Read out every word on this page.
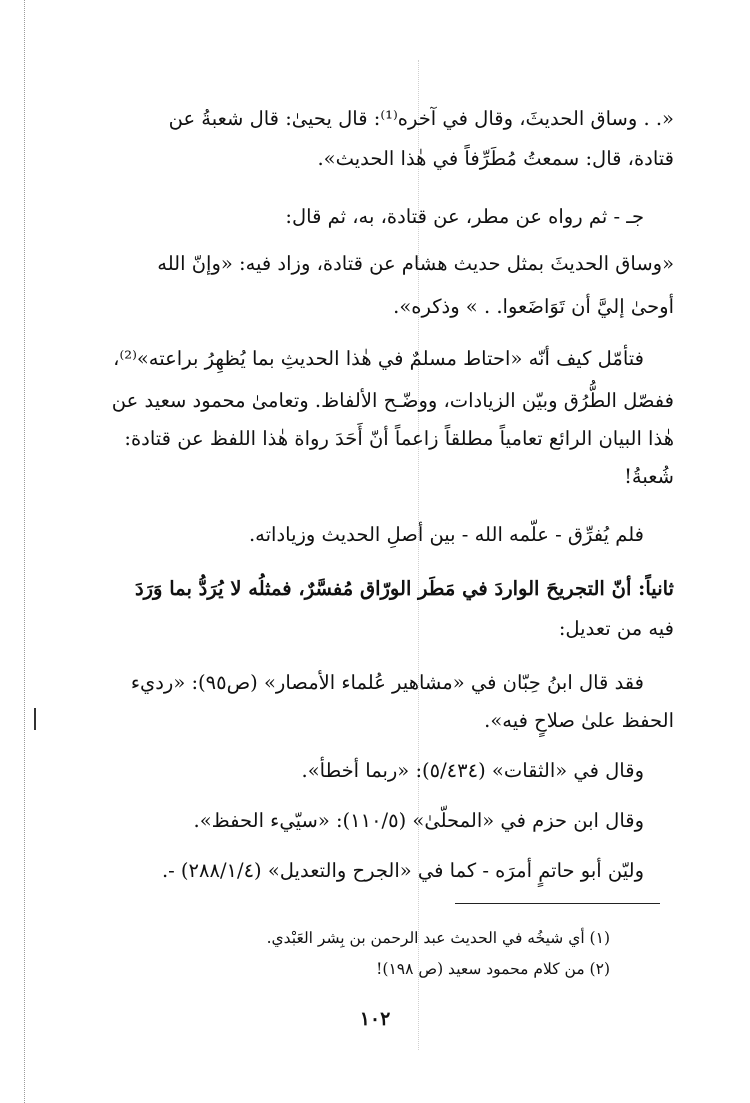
«. . وساق الحديثَ، وقال في آخره⁽¹⁾: قال يحيىٰ: قال شعبةُ عن

قتادة، قال: سمعتُ مُطَرِّفاً في هٰذا الحديث».

جـ - ثم رواه عن مطر، عن قتادة، به، ثم قال:

«وساق الحديثَ بمثل حديث هشام عن قتادة، وزاد فيه: «وإنّ الله

أوحىٰ إليَّ أن تَوَاضَعوا. . » وذكره».

فتأمّل كيف أنّه «احتاط مسلمٌ في هٰذا الحديثِ بما يُظهِرُ براعته»⁽²⁾،

ففصّل الطُّرُق وبيّن الزيادات، ووضّـح الألفاظ. وتعامىٰ محمود سعيد عن

هٰذا البيان الرائع تعامياً مطلقاً زاعماً أنّ أَحَدَ رواة هٰذا اللفظ عن قتادة:

شُعبةُ!

فلم يُفرِّق - علّمه الله - بين أصلِ الحديث وزياداته.

ثانياً: أنّ التجريحَ الواردَ في مَطَر الورّاق مُفسَّرٌ، فمثلُه لا يُرَدُّ بما وَرَدَ

فيه من تعديل:

فقد قال ابنُ حِبّان في «مشاهير عُلماء الأمصار» (ص٩٥): «رديء

الحفظ علىٰ صلاحٍ فيه».

وقال في «الثقات» (٥/٤٣٤): «ربما أخطأ».

وقال ابن حزم في «المحلّىٰ» (١١٠/٥): «سيّيء الحفظ».

وليّن أبو حاتمٍ أمرَه - كما في «الجرح والتعديل» (٢٨٨/١/٤) -.

(١) أي شيخُه في الحديث عبد الرحمن بن بِشر العَبْدي.

(٢) من كلام محمود سعيد (ص ١٩٨)!

١٠٢
